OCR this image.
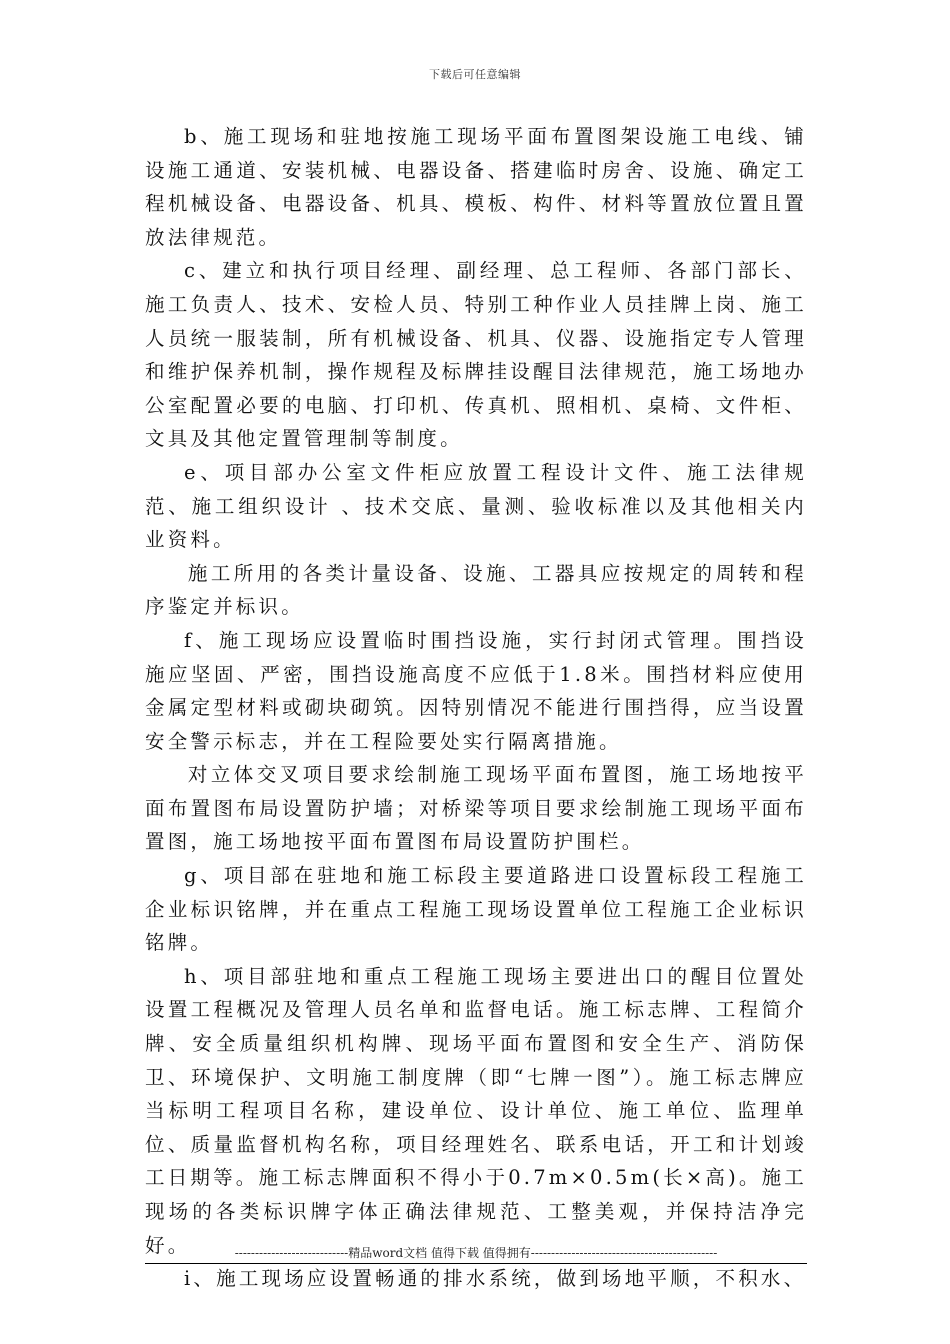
下载后可任意编辑

b、施工现场和驻地按施工现场平面布置图架设施工电线、铺设施工通道、安装机械、电器设备、搭建临时房舍、设施、确定工程机械设备、电器设备、机具、模板、构件、材料等置放位置且置放法律规范。

c、建立和执行项目经理、副经理、总工程师、各部门部长、施工负责人、技术、安检人员、特别工种作业人员挂牌上岗、施工人员统一服装制，所有机械设备、机具、仪器、设施指定专人管理和维护保养机制，操作规程及标牌挂设醒目法律规范，施工场地办公室配置必要的电脑、打印机、传真机、照相机、桌椅、文件柜、文具及其他定置管理制等制度。

e、项目部办公室文件柜应放置工程设计文件、施工法律规范、施工组织设计 、技术交底、量测、验收标准以及其他相关内业资料。

施工所用的各类计量设备、设施、工器具应按规定的周转和程序鉴定并标识。

f、施工现场应设置临时围挡设施，实行封闭式管理。围挡设施应坚固、严密，围挡设施高度不应低于1.8米。围挡材料应使用金属定型材料或砌块砌筑。因特别情况不能进行围挡得，应当设置安全警示标志，并在工程险要处实行隔离措施。

对立体交叉项目要求绘制施工现场平面布置图，施工场地按平面布置图布局设置防护墙；对桥梁等项目要求绘制施工现场平面布置图，施工场地按平面布置图布局设置防护围栏。

g、项目部在驻地和施工标段主要道路进口设置标段工程施工企业标识铭牌，并在重点工程施工现场设置单位工程施工企业标识铭牌。

h、项目部驻地和重点工程施工现场主要进出口的醒目位置处设置工程概况及管理人员名单和监督电话。施工标志牌、工程简介牌、安全质量组织机构牌、现场平面布置图和安全生产、消防保卫、环境保护、文明施工制度牌（即“七牌一图”）。施工标志牌应当标明工程项目名称，建设单位、设计单位、施工单位、监理单位、质量监督机构名称，项目经理姓名、联系电话，开工和计划竣工日期等。施工标志牌面积不得小于0.7m×0.5m(长×高)。施工现场的各类标识牌字体正确法律规范、工整美观，并保持洁净完好。

i、施工现场应设置畅通的排水系统，做到场地平顺，不积水、

----------------------------精品word文档 值得下载 值得拥有----------------------------------------------
